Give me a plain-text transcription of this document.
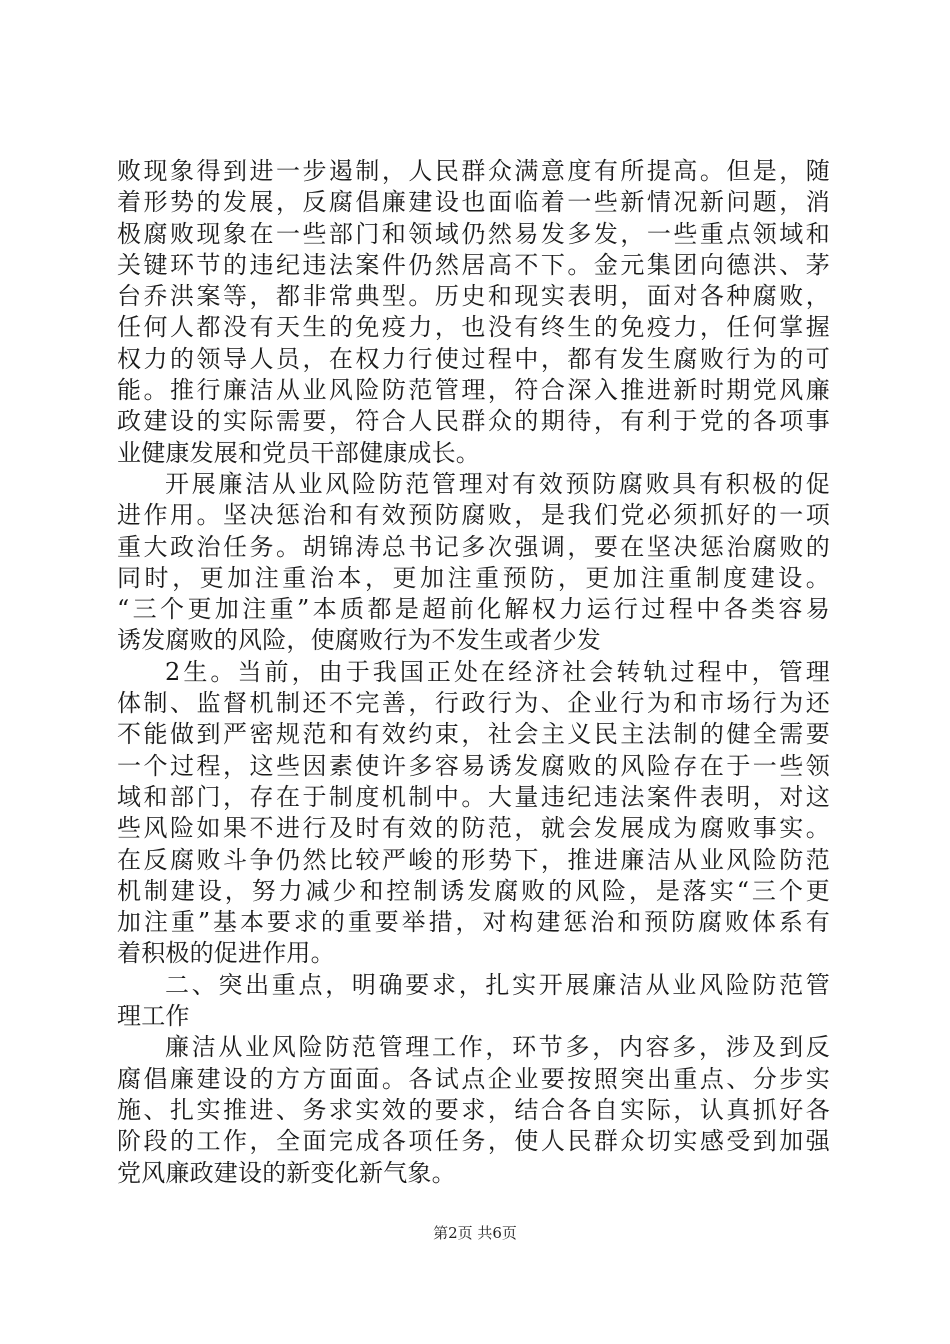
败现象得到进一步遏制，人民群众满意度有所提高。但是，随
着形势的发展，反腐倡廉建设也面临着一些新情况新问题，消
极腐败现象在一些部门和领域仍然易发多发，一些重点领域和
关键环节的违纪违法案件仍然居高不下。金元集团向德洪、茅
台乔洪案等，都非常典型。历史和现实表明，面对各种腐败，
任何人都没有天生的免疫力，也没有终生的免疫力，任何掌握
权力的领导人员，在权力行使过程中，都有发生腐败行为的可
能。推行廉洁从业风险防范管理，符合深入推进新时期党风廉
政建设的实际需要，符合人民群众的期待，有利于党的各项事
业健康发展和党员干部健康成长。
开展廉洁从业风险防范管理对有效预防腐败具有积极的促
进作用。坚决惩治和有效预防腐败，是我们党必须抓好的一项
重大政治任务。胡锦涛总书记多次强调，要在坚决惩治腐败的
同时，更加注重治本，更加注重预防，更加注重制度建设。
“三个更加注重”本质都是超前化解权力运行过程中各类容易
诱发腐败的风险，使腐败行为不发生或者少发
2生。当前，由于我国正处在经济社会转轨过程中，管理
体制、监督机制还不完善，行政行为、企业行为和市场行为还
不能做到严密规范和有效约束，社会主义民主法制的健全需要
一个过程，这些因素使许多容易诱发腐败的风险存在于一些领
域和部门，存在于制度机制中。大量违纪违法案件表明，对这
些风险如果不进行及时有效的防范，就会发展成为腐败事实。
在反腐败斗争仍然比较严峻的形势下，推进廉洁从业风险防范
机制建设，努力减少和控制诱发腐败的风险，是落实“三个更
加注重”基本要求的重要举措，对构建惩治和预防腐败体系有
着积极的促进作用。
二、突出重点，明确要求，扎实开展廉洁从业风险防范管
理工作
廉洁从业风险防范管理工作，环节多，内容多，涉及到反
腐倡廉建设的方方面面。各试点企业要按照突出重点、分步实
施、扎实推进、务求实效的要求，结合各自实际，认真抓好各
阶段的工作，全面完成各项任务，使人民群众切实感受到加强
党风廉政建设的新变化新气象。
第2页 共6页
